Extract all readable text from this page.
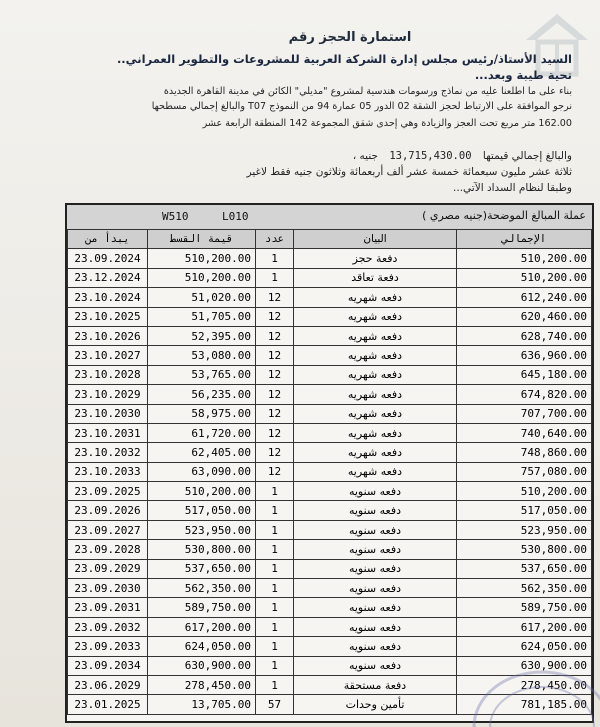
استمارة الحجز رقم
السيد الأستاذ/رئيس مجلس إدارة الشركة العربية للمشروعات والتطوير العمراني..
تحية طيبة وبعد...
بناء على ما اطلعنا عليه من نماذج ورسومات هندسية لمشروع "مديلي" الكائن في مدينة القاهرة الجديدة
نرجو الموافقة على الارتباط لحجز الشقة 02 الدور 05 عمارة 94 من النموذج T07 والبالغ إجمالي مسطحها
162.00 متر مربع تحت العجز والزيادة وهي إحدى شقق المجموعة 142 المنطقة الرابعة عشر
جنيه ، 13,715,430.00 والبالغ إجمالي قيمتها
ثلاثة عشر مليون سبعمائة خمسة عشر ألف أربعمائة وثلاثون جنيه فقط لاغير
وطبقا لنظام السداد الآتي...
W510	L010	عملة المبالغ الموضحة(جنيه مصري )
يبدأ من	قيمة القسط	عدد	البيان	الإجمالي
23.09.2024	510,200.00	1	دفعة حجز	510,200.00
23.12.2024	510,200.00	1	دفعة تعاقد	510,200.00
23.10.2024	51,020.00	12	دفعه شهريه	612,240.00
23.10.2025	51,705.00	12	دفعه شهريه	620,460.00
23.10.2026	52,395.00	12	دفعه شهريه	628,740.00
23.10.2027	53,080.00	12	دفعه شهريه	636,960.00
23.10.2028	53,765.00	12	دفعه شهريه	645,180.00
23.10.2029	56,235.00	12	دفعه شهريه	674,820.00
23.10.2030	58,975.00	12	دفعه شهريه	707,700.00
23.10.2031	61,720.00	12	دفعه شهريه	740,640.00
23.10.2032	62,405.00	12	دفعه شهريه	748,860.00
23.10.2033	63,090.00	12	دفعه شهريه	757,080.00
23.09.2025	510,200.00	1	دفعه سنويه	510,200.00
23.09.2026	517,050.00	1	دفعه سنويه	517,050.00
23.09.2027	523,950.00	1	دفعه سنويه	523,950.00
23.09.2028	530,800.00	1	دفعه سنويه	530,800.00
23.09.2029	537,650.00	1	دفعه سنويه	537,650.00
23.09.2030	562,350.00	1	دفعه سنويه	562,350.00
23.09.2031	589,750.00	1	دفعه سنويه	589,750.00
23.09.2032	617,200.00	1	دفعه سنويه	617,200.00
23.09.2033	624,050.00	1	دفعه سنويه	624,050.00
23.09.2034	630,900.00	1	دفعه سنويه	630,900.00
23.06.2029	278,450.00	1	دفعة مستحقة	278,450.00
23.01.2025	13,705.00	57	تأمين وحدات	781,185.00
